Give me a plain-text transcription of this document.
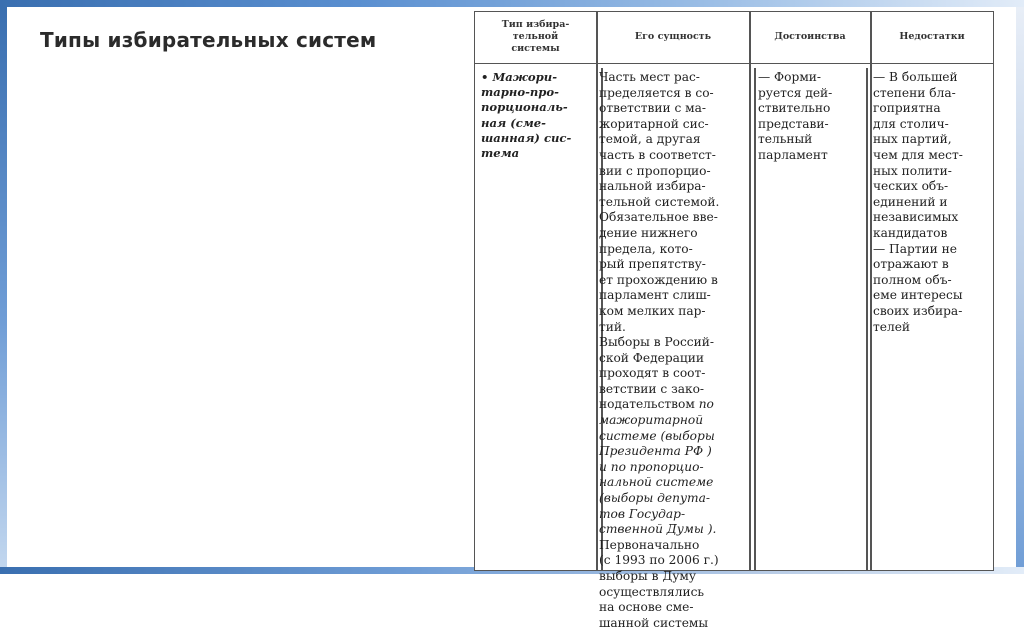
Типы избирательных систем
Тип избира-
тельной
системы
Его сущность	Достоинства	Недостатки
• Мажори-
тарно-про-
порциональ-
ная (сме-
шанная) сис-
тема
Часть мест рас-
пределяется в со-
ответствии с ма-
жоритарной сис-
темой, а другая
часть в соответст-
вии с пропорцио-
нальной избира-
тельной системой.
Обязательное вве-
дение нижнего
предела, кото-
рый препятству-
ет прохождению в
парламент слиш-
ком мелких пар-
тий.
Выборы в Россий-
ской Федерации
проходят в соот-
ветствии с зако-
нодательством по
мажоритарной
системе (выборы
Президента РФ )
и по пропорцио-
нальной системе
(выборы депута-
тов Государ-
ственной Думы ).
Первоначально
(с 1993 по 2006 г.)
выборы в Думу
осуществлялись
на основе сме-
шанной системы
— Форми-
руется дей-
ствительно
представи-
тельный
парламент
— В большей
степени бла-
гоприятна
для столич-
ных партий,
чем для мест-
ных полити-
ческих объ-
единений и
независимых
кандидатов
— Партии не
отражают в
полном объ-
еме интересы
своих избира-
телей
